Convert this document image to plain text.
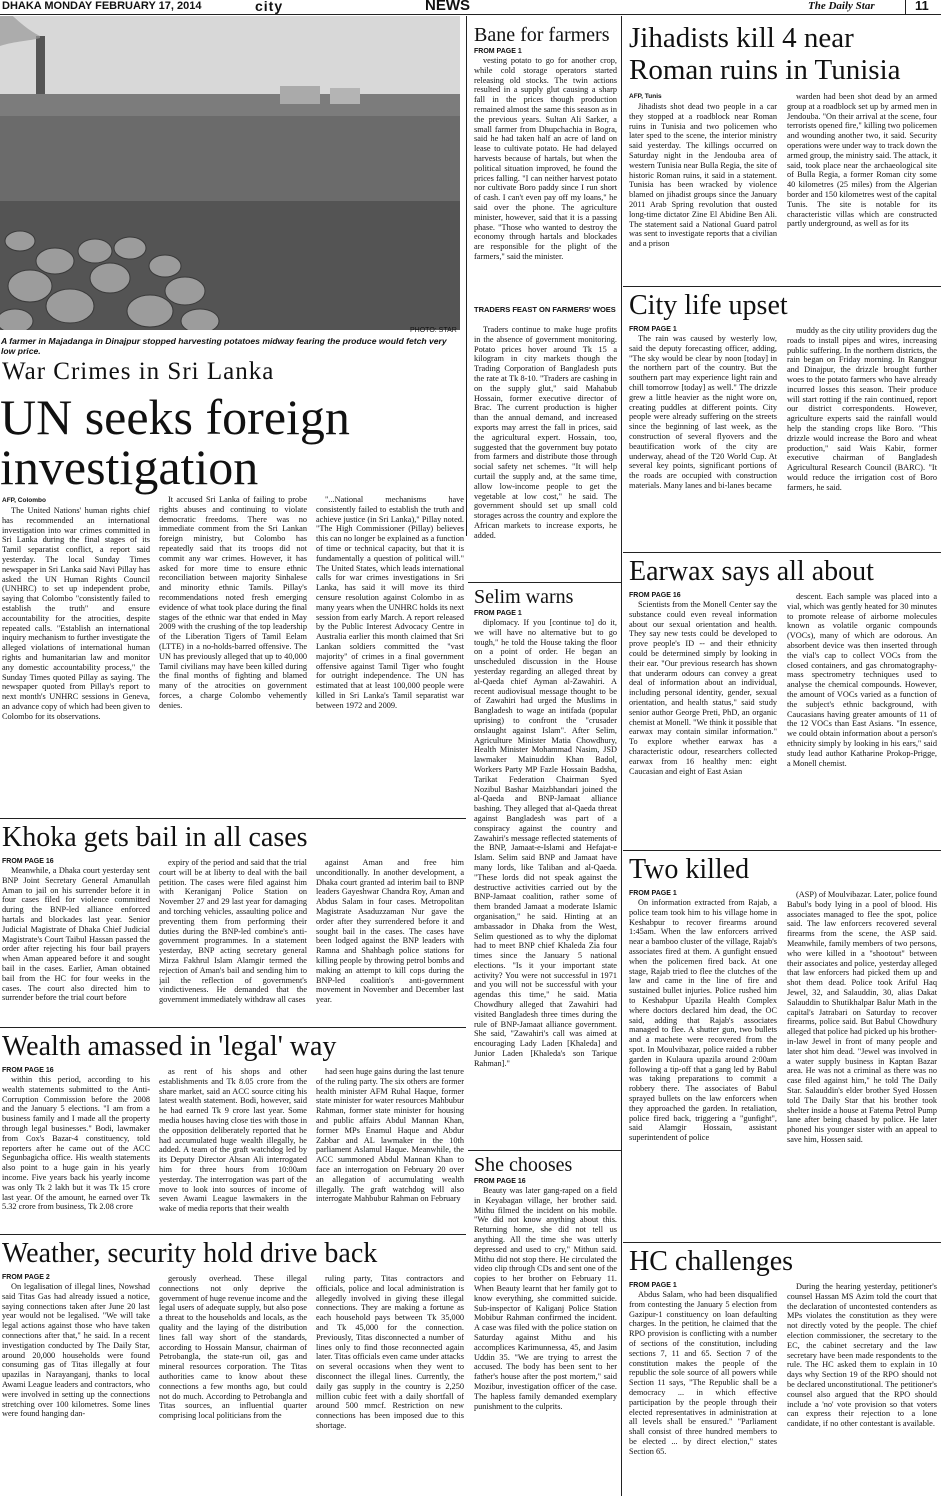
DHAKA MONDAY FEBRUARY 17, 2014	city	NEWS	The Daily Star	11
PHOTO: STAR
A farmer in Majadanga in Dinajpur stopped harvesting potatoes midway fearing the produce would fetch very low price.
War Crimes in Sri Lanka
UN seeks foreign
investigation
AFP, Colombo

The United Nations' human rights chief has recommended an international investigation into war crimes committed in Sri Lanka during the final stages of its Tamil separatist conflict, a report said yesterday. The local Sunday Times newspaper in Sri Lanka said Navi Pillay has asked the UN Human Rights Council (UNHRC) to set up independent probe, saying that Colombo "consistently failed to establish the truth" and ensure accountability for the atrocities, despite repeated calls. "Establish an international inquiry mechanism to further investigate the alleged violations of international human rights and humanitarian law and monitor any domestic accountability process," the Sunday Times quoted Pillay as saying. The newspaper quoted from Pillay's report to next month's UNHRC sessions in Geneva, an advance copy of which had been given to Colombo for its observations.

It accused Sri Lanka of failing to probe rights abuses and continuing to violate democratic freedoms. There was no immediate comment from the Sri Lankan foreign ministry, but Colombo has repeatedly said that its troops did not commit any war crimes. However, it has asked for more time to ensure ethnic reconciliation between majority Sinhalese and minority ethnic Tamils. Pillay's recommendations noted fresh emerging evidence of what took place during the final stages of the ethnic war that ended in May 2009 with the crushing of the top leadership of the Liberation Tigers of Tamil Eelam (LTTE) in a no-holds-barred offensive. The UN has previously alleged that up to 40,000 Tamil civilians may have been killed during the final months of fighting and blamed many of the atrocities on government forces, a charge Colombo vehemently denies.

"...National mechanisms have consistently failed to establish the truth and achieve justice (in Sri Lanka)," Pillay noted. "The High Commissioner (Pillay) believes this can no longer be explained as a function of time or technical capacity, but that it is fundamentally a question of political will." The United States, which leads international calls for war crimes investigations in Sri Lanka, has said it will move its third censure resolution against Colombo in as many years when the UNHRC holds its next session from early March. A report released by the Public Interest Advocacy Centre in Australia earlier this month claimed that Sri Lankan soldiers committed the "vast majority" of crimes in a final government offensive against Tamil Tiger who fought for outright independence. The UN has estimated that at least 100,000 people were killed in Sri Lanka's Tamil separatist war between 1972 and 2009.

Khoka gets bail in all cases
FROM PAGE 16

Meanwhile, a Dhaka court yesterday sent BNP Joint Secretary General Amanullah Aman to jail on his surrender before it in four cases filed for violence committed during the BNP-led alliance enforced hartals and blockades last year. Senior Judicial Magistrate of Dhaka Chief Judicial Magistrate's Court Taibul Hassan passed the order after rejecting his four bail prayers when Aman appeared before it and sought bail in the cases. Earlier, Aman obtained bail from the HC for four weeks in the cases. The court also directed him to surrender before the trial court before

expiry of the period and said that the trial court will be at liberty to deal with the bail petition. The cases were filed against him with Keraniganj Police Station on November 27 and 29 last year for damaging and torching vehicles, assaulting police and preventing them from performing their duties during the BNP-led combine's anti-government programmes. In a statement yesterday, BNP acting secretary general Mirza Fakhrul Islam Alamgir termed the rejection of Aman's bail and sending him to jail the reflection of government's vindictiveness. He demanded that the government immediately withdraw all cases

against Aman and free him unconditionally. In another development, a Dhaka court granted ad interim bail to BNP leaders Gayeshwar Chandra Roy, Aman and Abdus Salam in four cases. Metropolitan Magistrate Asaduzzaman Nur gave the order after they surrendered before it and sought bail in the cases. The cases have been lodged against the BNP leaders with Ramna and Shahbagh police stations for killing people by throwing petrol bombs and making an attempt to kill cops during the BNP-led coalition's anti-government movement in November and December last year.

Wealth amassed in 'legal' way
FROM PAGE 16

within this period, according to his wealth statements submitted to the Anti-Corruption Commission before the 2008 and the January 5 elections. "I am from a business family and I made all the property through legal businesses." Bodi, lawmaker from Cox's Bazar-4 constituency, told reporters after he came out of the ACC Segunbagicha office. His wealth statements also point to a huge gain in his yearly income. Five years back his yearly income was only Tk 2 lakh but it was Tk 15 crore last year. Of the amount, he earned over Tk 5.32 crore from business, Tk 2.08 crore

as rent of his shops and other establishments and Tk 8.05 crore from the share market, said an ACC source citing his latest wealth statement. Bodi, however, said he had earned Tk 9 crore last year. Some media houses having close ties with those in the opposition deliberately reported that he had accumulated huge wealth illegally, he added. A team of the graft watchdog led by its Deputy Director Ahsan Ali interrogated him for three hours from 10:00am yesterday. The interrogation was part of the move to look into sources of income of seven Awami League lawmakers in the wake of media reports that their wealth

had seen huge gains during the last tenure of the ruling party. The six others are former health minister AFM Ruhal Haque, former state minister for water resources Mahbubur Rahman, former state minister for housing and public affairs Abdul Mannan Khan, former MPs Enamul Haque and Abdur Zabbar and AL lawmaker in the 10th parliament Aslamul Haque. Meanwhile, the ACC summoned Abdul Mannan Khan to face an interrogation on February 20 over an allegation of accumulating wealth illegally. The graft watchdog will also interrogate Mahbubur Rahman on February

Weather, security hold drive back
FROM PAGE 2

On legalisation of illegal lines, Nowshad said Titas Gas had already issued a notice, saying connections taken after June 20 last year would not be legalised. "We will take legal actions against those who have taken connections after that," he said. In a recent investigation conducted by The Daily Star, around 20,000 households were found consuming gas of Titas illegally at four upazilas in Narayanganj, thanks to local Awami League leaders and contractors, who were involved in setting up the connections stretching over 100 kilometres. Some lines were found hanging dan-

gerously overhead. These illegal connections not only deprive the government of huge revenue income and the legal users of adequate supply, but also pose a threat to the households and locals, as the quality and the laying of the distribution lines fall way short of the standards, according to Hossain Mansur, chairman of Petrobangla, the state-run oil, gas and mineral resources corporation. The Titas authorities came to know about these connections a few months ago, but could not do much. According to Petrobangla and Titas sources, an influential quarter comprising local politicians from the

ruling party, Titas contractors and officials, police and local administration is allegedly involved in giving these illegal connections. They are making a fortune as each household pays between Tk 35,000 and Tk 45,000 for the connection. Previously, Titas disconnected a number of lines only to find those reconnected again later. Titas officials even came under attacks on several occasions when they went to disconnect the illegal lines. Currently, the daily gas supply in the country is 2,250 million cubic feet with a daily shortfall of around 500 mmcf. Restriction on new connections has been imposed due to this shortage.

Bane for farmers
FROM PAGE 1

vesting potato to go for another crop, while cold storage operators started releasing old stocks. The twin actions resulted in a supply glut causing a sharp fall in the prices though production remained almost the same this season as in the previous years. Sultan Ali Sarker, a small farmer from Dhupchachia in Bogra, said he had taken half an acre of land on lease to cultivate potato. He had delayed harvests because of hartals, but when the political situation improved, he found the prices falling. "I can neither harvest potato nor cultivate Boro paddy since I run short of cash. I can't even pay off my loans," he said over the phone. The agriculture minister, however, said that it is a passing phase. "Those who wanted to destroy the economy through hartals and blockades are responsible for the plight of the farmers," said the minister.

TRADERS FEAST ON FARMERS' WOES

Traders continue to make huge profits in the absence of government monitoring. Potato prices hover around Tk 15 a kilogram in city markets though the Trading Corporation of Bangladesh puts the rate at Tk 8-10. "Traders are cashing in on the supply glut," said Mahabub Hossain, former executive director of Brac. The current production is higher than the annual demand, and increased exports may arrest the fall in prices, said the agricultural expert. Hossain, too, suggested that the government buy potato from farmers and distribute those through social safety net schemes. "It will help curtail the supply and, at the same time, allow low-income people to get the vegetable at low cost," he said. The government should set up small cold storages across the country and explore the African markets to increase exports, he added.

Selim warns
FROM PAGE 1

diplomacy. If you [continue to] do it, we will have no alternative but to go tough," he told the House taking the floor on a point of order. He began an unscheduled discussion in the House yesterday regarding an alleged threat by al-Qaeda chief Ayman al-Zawahiri. A recent audiovisual message thought to be of Zawahiri had urged the Muslims in Bangladesh to wage an intifada (popular uprising) to confront the "crusader onslaught against Islam". After Selim, Agriculture Minister Matia Chowdhury, Health Minister Mohammad Nasim, JSD lawmaker Mainuddin Khan Badol, Workers Party MP Fazle Hossain Badsha, Tarikat Federation Chairman Syed Nozibul Bashar Maizbhandari joined the al-Qaeda and BNP-Jamaat alliance bashing. They alleged that al-Qaeda threat against Bangladesh was part of a conspiracy against the country and Zawahiri's message reflected statements of the BNP, Jamaat-e-Islami and Hefajat-e Islam. Selim said BNP and Jamaat have many lords, like Taliban and al-Qaeda. "These lords did not speak against the destructive activities carried out by the BNP-Jamaat coalition, rather some of them branded Jamaat a moderate Islamic organisation," he said. Hinting at an ambassador in Dhaka from the West, Selim questioned as to why the diplomat had to meet BNP chief Khaleda Zia four times since the January 5 national elections. "Is it your important state activity? You were not successful in 1971 and you will not be successful with your agendas this time," he said. Matia Chowdhury alleged that Zawahiri had visited Bangladesh three times during the rule of BNP-Jamaat alliance government. She said, "Zawahiri's call was aimed at encouraging Lady Laden [Khaleda] and Junior Laden [Khaleda's son Tarique Rahman]."

She chooses
FROM PAGE 16

Beauty was later gang-raped on a field in Keyabagan village, her brother said. Mithu filmed the incident on his mobile. "We did not know anything about this. Returning home, she did not tell us anything. All the time she was utterly depressed and used to cry," Mithun said. Mithu did not stop there. He circulated the video clip through CDs and sent one of the copies to her brother on February 11. When Beauty learnt that her family got to know everything, she committed suicide. Sub-inspector of Kaliganj Police Station Mobibur Rahman confirmed the incident. A case was filed with the police station on Saturday against Mithu and his accomplices Karimunnessa, 45, and Jasim Uddin 35. "We are trying to arrest the accused. The body has been sent to her father's house after the post mortem," said Mozibur, investigation officer of the case. The hapless family demanded exemplary punishment to the culprits.

Jihadists kill 4 near
Roman ruins in Tunisia
AFP, Tunis

Jihadists shot dead two people in a car they stopped at a roadblock near Roman ruins in Tunisia and two policemen who later sped to the scene, the interior ministry said yesterday. The killings occurred on Saturday night in the Jendouba area of western Tunisia near Bulla Regia, the site of historic Roman ruins, it said in a statement. Tunisia has been wracked by violence blamed on jihadist groups since the January 2011 Arab Spring revolution that ousted long-time dictator Zine El Abidine Ben Ali. The statement said a National Guard patrol was sent to investigate reports that a civilian and a prison

warden had been shot dead by an armed group at a roadblock set up by armed men in Jendouba. "On their arrival at the scene, four terrorists opened fire," killing two policemen and wounding another two, it said. Security operations were under way to track down the armed group, the ministry said. The attack, it said, took place near the archaeological site of Bulla Regia, a former Roman city some 40 kilometres (25 miles) from the Algerian border and 150 kilometres west of the capital Tunis. The site is notable for its characteristic villas which are constructed partly underground, as well as for its

City life upset
FROM PAGE 1

The rain was caused by westerly low, said the deputy forecasting officer, adding, "The sky would be clear by noon [today] in the northern part of the country. But the southern part may experience light rain and chill tomorrow [today] as well." The drizzle grew a little heavier as the night wore on, creating puddles at different points. City people were already suffering on the streets since the beginning of last week, as the construction of several flyovers and the beautification work of the city are underway, ahead of the T20 World Cup. At several key points, significant portions of the roads are occupied with construction materials. Many lanes and bi-lanes became

muddy as the city utility providers dug the roads to install pipes and wires, increasing public suffering. In the northern districts, the rain began on Friday morning. In Rangpur and Dinajpur, the drizzle brought further woes to the potato farmers who have already incurred losses this season. Their produce will start rotting if the rain continued, report our district correspondents. However, agriculture experts said the rainfall would help the standing crops like Boro. "This drizzle would increase the Boro and wheat production," said Wais Kabir, former executive chairman of Bangladesh Agricultural Research Council (BARC). "It would reduce the irrigation cost of Boro farmers, he said.

Earwax says all about
FROM PAGE 16

Scientists from the Monell Center say the substance could even reveal information about our sexual orientation and health. They say new tests could be developed to prove people's ID -- and their ethnicity could be determined simply by looking in their ear. "Our previous research has shown that underarm odours can convey a great deal of information about an individual, including personal identity, gender, sexual orientation, and health status," said study senior author George Preti, PhD, an organic chemist at Monell. "We think it possible that earwax may contain similar information." To explore whether earwax has a characteristic odour, researchers collected earwax from 16 healthy men: eight Caucasian and eight of East Asian

descent. Each sample was placed into a vial, which was gently heated for 30 minutes to promote release of airborne molecules known as volatile organic compounds (VOCs), many of which are odorous. An absorbent device was then inserted through the vial's cap to collect VOCs from the closed containers, and gas chromatography-mass spectrometry techniques used to analyse the chemical compounds. However, the amount of VOCs varied as a function of the subject's ethnic background, with Caucasians having greater amounts of 11 of the 12 VOCs than East Asians. "In essence, we could obtain information about a person's ethnicity simply by looking in his ears," said study lead author Katharine Prokop-Prigge, a Monell chemist.

Two killed
FROM PAGE 1

On information extracted from Rajab, a police team took him to his village home in Keshabpur to recover firearms around 1:45am. When the law enforcers arrived near a bamboo cluster of the village, Rajab's associates fired at them. A gunfight ensued when the policemen fired back. At one stage, Rajab tried to flee the clutches of the law and came in the line of fire and sustained bullet injuries. Police rushed him to Keshabpur Upazila Health Complex where doctors declared him dead, the OC said, adding that Rajab's associates managed to flee. A shutter gun, two bullets and a machete were recovered from the spot. In Moulvibazar, police raided a rubber garden in Kulaura upazila around 2:00am following a tip-off that a gang led by Babul was taking preparations to commit a robbery there. The associates of Babul sprayed bullets on the law enforcers when they approached the garden. In retaliation, police fired back, triggering a "gunfight", said Alamgir Hossain, assistant superintendent of police

(ASP) of Moulvibazar. Later, police found Babul's body lying in a pool of blood. His associates managed to flee the spot, police said. The law enforcers recovered several firearms from the scene, the ASP said. Meanwhile, family members of two persons, who were killed in a "shootout" between their associates and police, yesterday alleged that law enforcers had picked them up and shot them dead. Police took Ariful Haq Jewel, 32, and Salauddin, 30, alias Dakat Salauddin to Shutikhalpar Balur Math in the capital's Jatrabari on Saturday to recover firearms, police said. But Babul Chowdhury alleged that police had picked up his brother-in-law Jewel in front of many people and later shot him dead. "Jewel was involved in a water supply business in Kaptan Bazar area. He was not a criminal as there was no case filed against him," he told The Daily Star. Salauddin's elder brother Syed Hossen told The Daily Star that his brother took shelter inside a house at Fatema Petrol Pump lane after being chased by police. He later phoned his younger sister with an appeal to save him, Hossen said.

HC challenges
FROM PAGE 1

Abdus Salam, who had been disqualified from contesting the January 5 election from Gazipur-1 constituency on loan defaulting charges. In the petition, he claimed that the RPO provision is conflicting with a number of sections of the constitution, including sections 7, 11 and 65. Section 7 of the constitution makes the people of the republic the sole source of all powers while Section 11 says, "The Republic shall be a democracy ... in which effective participation by the people through their elected representatives in administration at all levels shall be ensured." "Parliament shall consist of three hundred members to be elected ... by direct election," states Section 65.

During the hearing yesterday, petitioner's counsel Hassan MS Azim told the court that the declaration of uncontested contenders as MPs violates the constitution as they were not directly voted by the people. The chief election commissioner, the secretary to the EC, the cabinet secretary and the law secretary have been made respondents to the rule. The HC asked them to explain in 10 days why Section 19 of the RPO should not be declared unconstitutional. The petitioner's counsel also argued that the RPO should include a 'no' vote provision so that voters can express their rejection to a lone candidate, if no other contestant is available.
